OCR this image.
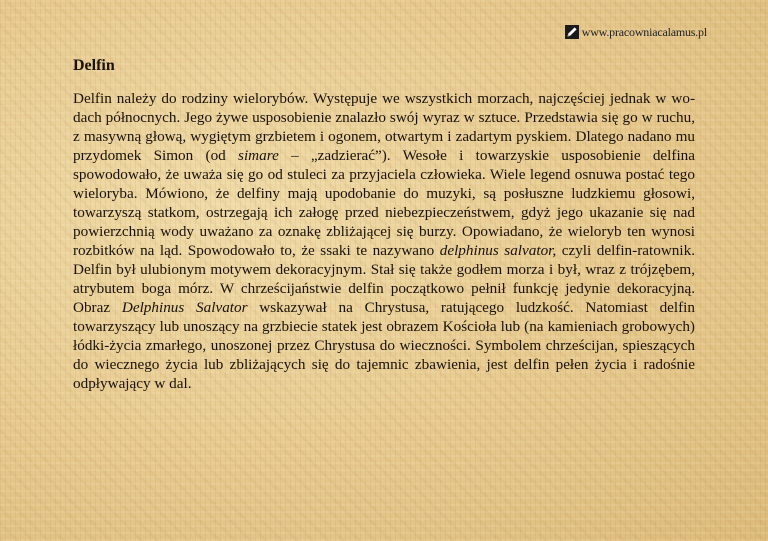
www.pracowniacalamus.pl
Delfin

Delfin należy do rodziny wielorybów. Występuje we wszystkich morzach, najczęściej jednak w wodach północnych. Jego żywe usposobienie znalazło swój wyraz w sztuce. Przedstawia się go w ruchu, z masywną głową, wygiętym grzbietem i ogonem, otwartym i zadartym pyskiem. Dlatego nadano mu przydomek Simon (od simare – „zadzierać”). Wesołe i towarzyskie usposobienie delfina spowodowało, że uważa się go od stuleci za przyjaciela człowieka. Wiele legend osnuwa postać tego wieloryba. Mówiono, że delfiny mają upodobanie do muzyki, są posłuszne ludzkiemu głosowi, towarzyszą statkom, ostrzegają ich załogę przed niebezpieczeństwem, gdyż jego ukazanie się nad powierzchnią wody uważano za oznakę zbliżającej się burzy. Opowiadano, że wieloryb ten wynosi rozbitków na ląd. Spowodowało to, że ssaki te nazywano delphinus salvator, czyli delfin-ratownik. Delfin był ulubionym motywem dekoracyjnym. Stał się także godłem morza i był, wraz z trójzębem, atrybutem boga mórz. W chrześcijaństwie delfin początkowo pełnił funkcję jedynie dekoracyjną. Obraz Delphinus Salvator wskazywał na Chrystusa, ratującego ludzkość. Natomiast delfin towarzyszący lub unoszący na grzbiecie statek jest obrazem Kościoła lub (na kamieniach grobowych) łódki-życia zmarłego, unoszonej przez Chrystusa do wieczności. Symbolem chrześcijan, spieszących do wiecznego życia lub zbliżających się do tajemnic zbawienia, jest delfin pełen życia i radośnie odpływający w dal.
